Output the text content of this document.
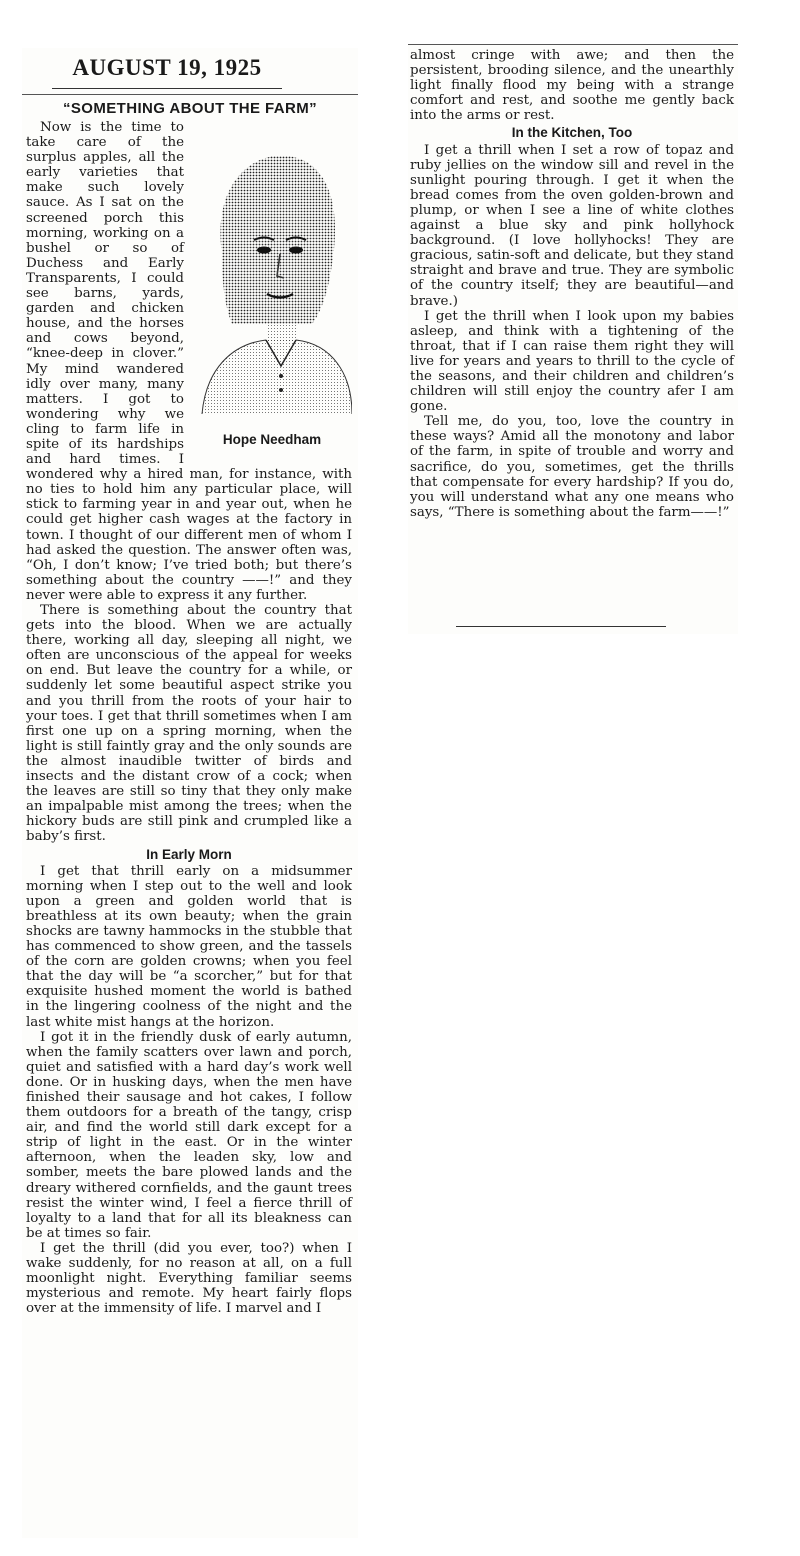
AUGUST 19, 1925
“SOMETHING ABOUT THE FARM”
Hope Needham

Now is the time to take care of the surplus apples, all the early varieties that make such lovely sauce. As I sat on the screened porch this morning, working on a bushel or so of Duchess and Early Transparents, I could see barns, yards, garden and chicken house, and the horses and cows beyond, “knee-deep in clover.” My mind wandered idly over many, many matters. I got to wondering why we cling to farm life in spite of its hardships and hard times. I wondered why a hired man, for instance, with no ties to hold him any particular place, will stick to farming year in and year out, when he could get higher cash wages at the factory in town. I thought of our different men of whom I had asked the question. The answer often was, “Oh, I don’t know; I’ve tried both; but there’s something about the country ——!” and they never were able to express it any further.

There is something about the country that gets into the blood. When we are actually there, working all day, sleeping all night, we often are unconscious of the appeal for weeks on end. But leave the country for a while, or suddenly let some beautiful aspect strike you and you thrill from the roots of your hair to your toes. I get that thrill sometimes when I am first one up on a spring morning, when the light is still faintly gray and the only sounds are the almost inaudible twitter of birds and insects and the distant crow of a cock; when the leaves are still so tiny that they only make an impalpable mist among the trees; when the hickory buds are still pink and crumpled like a baby’s first.

In Early Morn

I get that thrill early on a midsummer morning when I step out to the well and look upon a green and golden world that is breathless at its own beauty; when the grain shocks are tawny hammocks in the stubble that has commenced to show green, and the tassels of the corn are golden crowns; when you feel that the day will be “a scorcher,” but for that exquisite hushed moment the world is bathed in the lingering coolness of the night and the last white mist hangs at the horizon.

I got it in the friendly dusk of early autumn, when the family scatters over lawn and porch, quiet and satisfied with a hard day’s work well done. Or in husking days, when the men have finished their sausage and hot cakes, I follow them outdoors for a breath of the tangy, crisp air, and find the world still dark except for a strip of light in the east. Or in the winter afternoon, when the leaden sky, low and somber, meets the bare plowed lands and the dreary withered cornfields, and the gaunt trees resist the winter wind, I feel a fierce thrill of loyalty to a land that for all its bleakness can be at times so fair.

I get the thrill (did you ever, too?) when I wake suddenly, for no reason at all, on a full moonlight night. Everything familiar seems mysterious and remote. My heart fairly flops over at the immensity of life. I marvel and I

almost cringe with awe; and then the persistent, brooding silence, and the unearthly light finally flood my being with a strange comfort and rest, and soothe me gently back into the arms or rest.

In the Kitchen, Too

I get a thrill when I set a row of topaz and ruby jellies on the window sill and revel in the sunlight pouring through. I get it when the bread comes from the oven golden-brown and plump, or when I see a line of white clothes against a blue sky and pink hollyhock background. (I love hollyhocks! They are gracious, satin-soft and delicate, but they stand straight and brave and true. They are symbolic of the country itself; they are beautiful—and brave.)

I get the thrill when I look upon my babies asleep, and think with a tightening of the throat, that if I can raise them right they will live for years and years to thrill to the cycle of the seasons, and their children and children’s children will still enjoy the country afer I am gone.

Tell me, do you, too, love the country in these ways? Amid all the monotony and labor of the farm, in spite of trouble and worry and sacrifice, do you, sometimes, get the thrills that compensate for every hardship? If you do, you will understand what any one means who says, “There is something about the farm——!”
